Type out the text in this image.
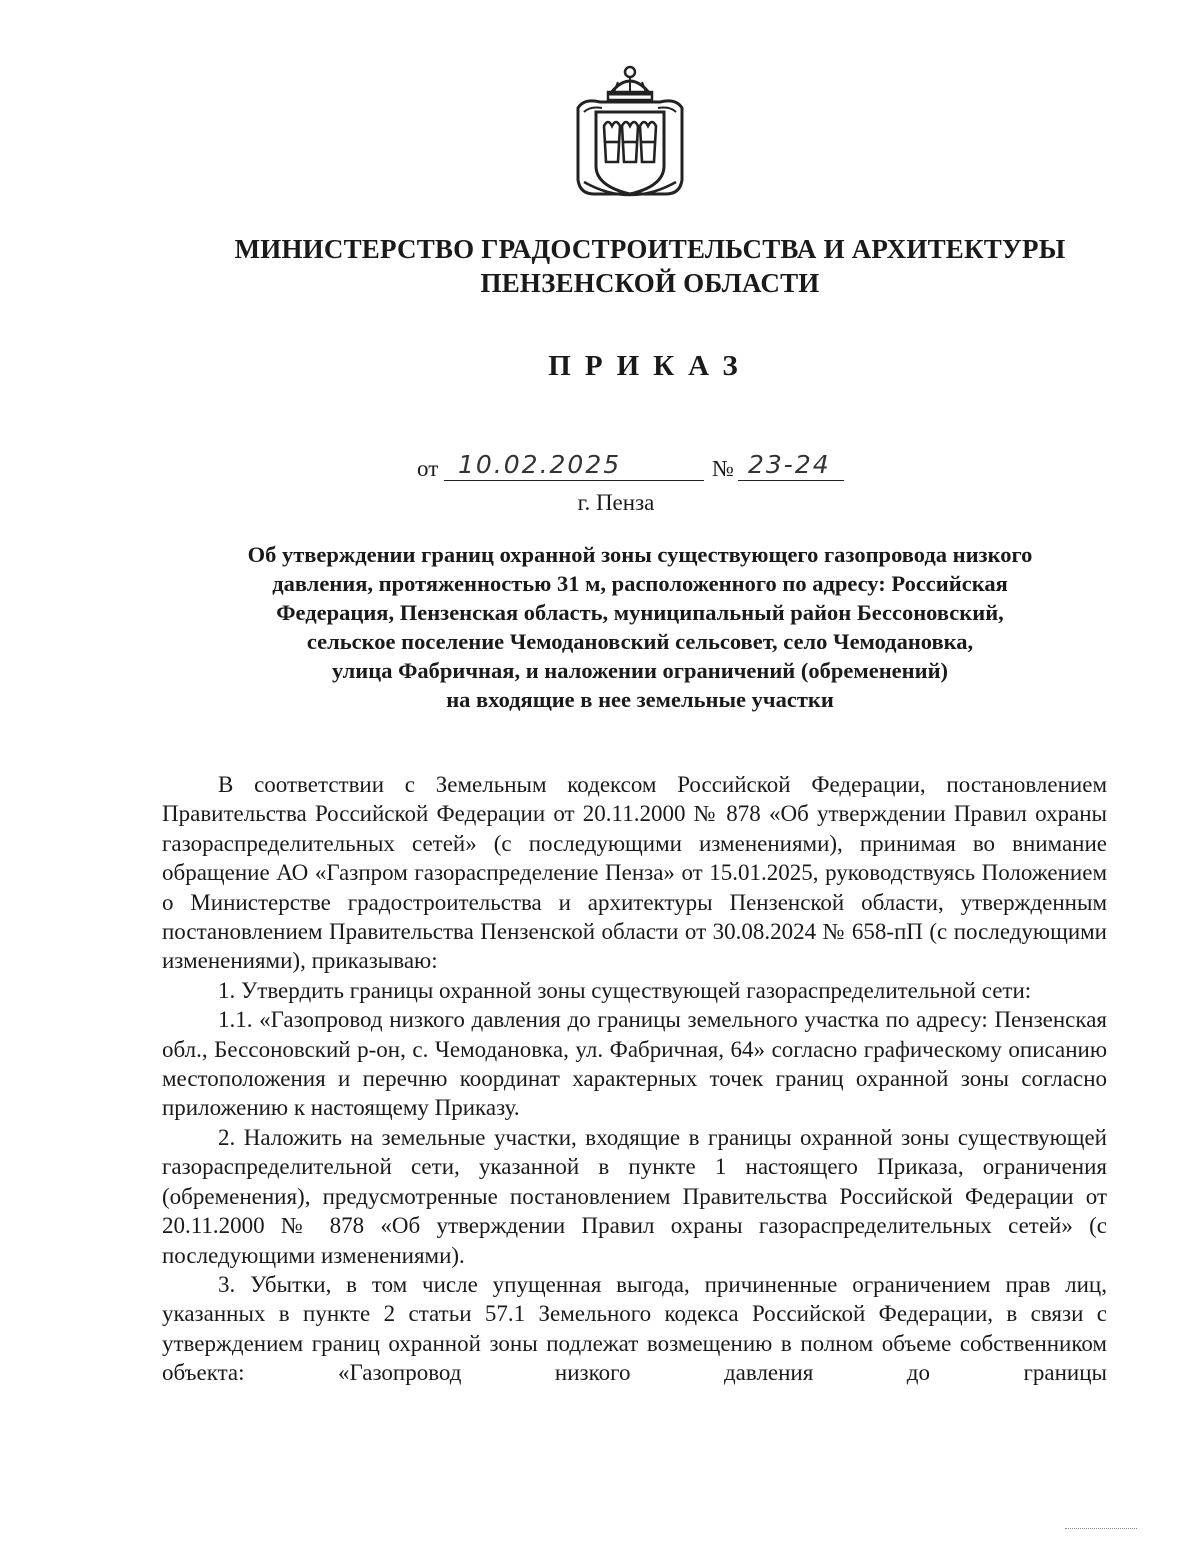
МИНИСТЕРСТВО ГРАДОСТРОИТЕЛЬСТВА И АРХИТЕКТУРЫ
ПЕНЗЕНСКОЙ ОБЛАСТИ
ПРИКАЗ
от 10.02.2025	№ 23-24
г. Пенза
Об утверждении границ охранной зоны существующего газопровода низкого
давления, протяженностью 31 м, расположенного по адресу: Российская
Федерация, Пензенская область, муниципальный район Бессоновский,
сельское поселение Чемодановский сельсовет, село Чемодановка,
улица Фабричная, и наложении ограничений (обременений)
на входящие в нее земельные участки

В соответствии с Земельным кодексом Российской Федерации, постановлением Правительства Российской Федерации от 20.11.2000 № 878 «Об утверждении Правил охраны газораспределительных сетей» (с последующими изменениями), принимая во внимание обращение АО «Газпром газораспределение Пенза» от 15.01.2025, руководствуясь Положением о Министерстве градостроительства и архитектуры Пензенской области, утвержденным постановлением Правительства Пензенской области от 30.08.2024 № 658-пП (с последующими изменениями), приказываю:

1. Утвердить границы охранной зоны существующей газораспределительной сети:

1.1. «Газопровод низкого давления до границы земельного участка по адресу: Пензенская обл., Бессоновский р-он, с. Чемодановка, ул. Фабричная, 64» согласно графическому описанию местоположения и перечню координат характерных точек границ охранной зоны согласно приложению к настоящему Приказу.

2. Наложить на земельные участки, входящие в границы охранной зоны существующей газораспределительной сети, указанной в пункте 1 настоящего Приказа, ограничения (обременения), предусмотренные постановлением Правительства Российской Федерации от 20.11.2000 № 878 «Об утверждении Правил охраны газораспределительных сетей» (с последующими изменениями).

3. Убытки, в том числе упущенная выгода, причиненные ограничением прав лиц, указанных в пункте 2 статьи 57.1 Земельного кодекса Российской Федерации, в связи с утверждением границ охранной зоны подлежат возмещению в полном объеме собственником объекта: «Газопровод низкого давления до границы
